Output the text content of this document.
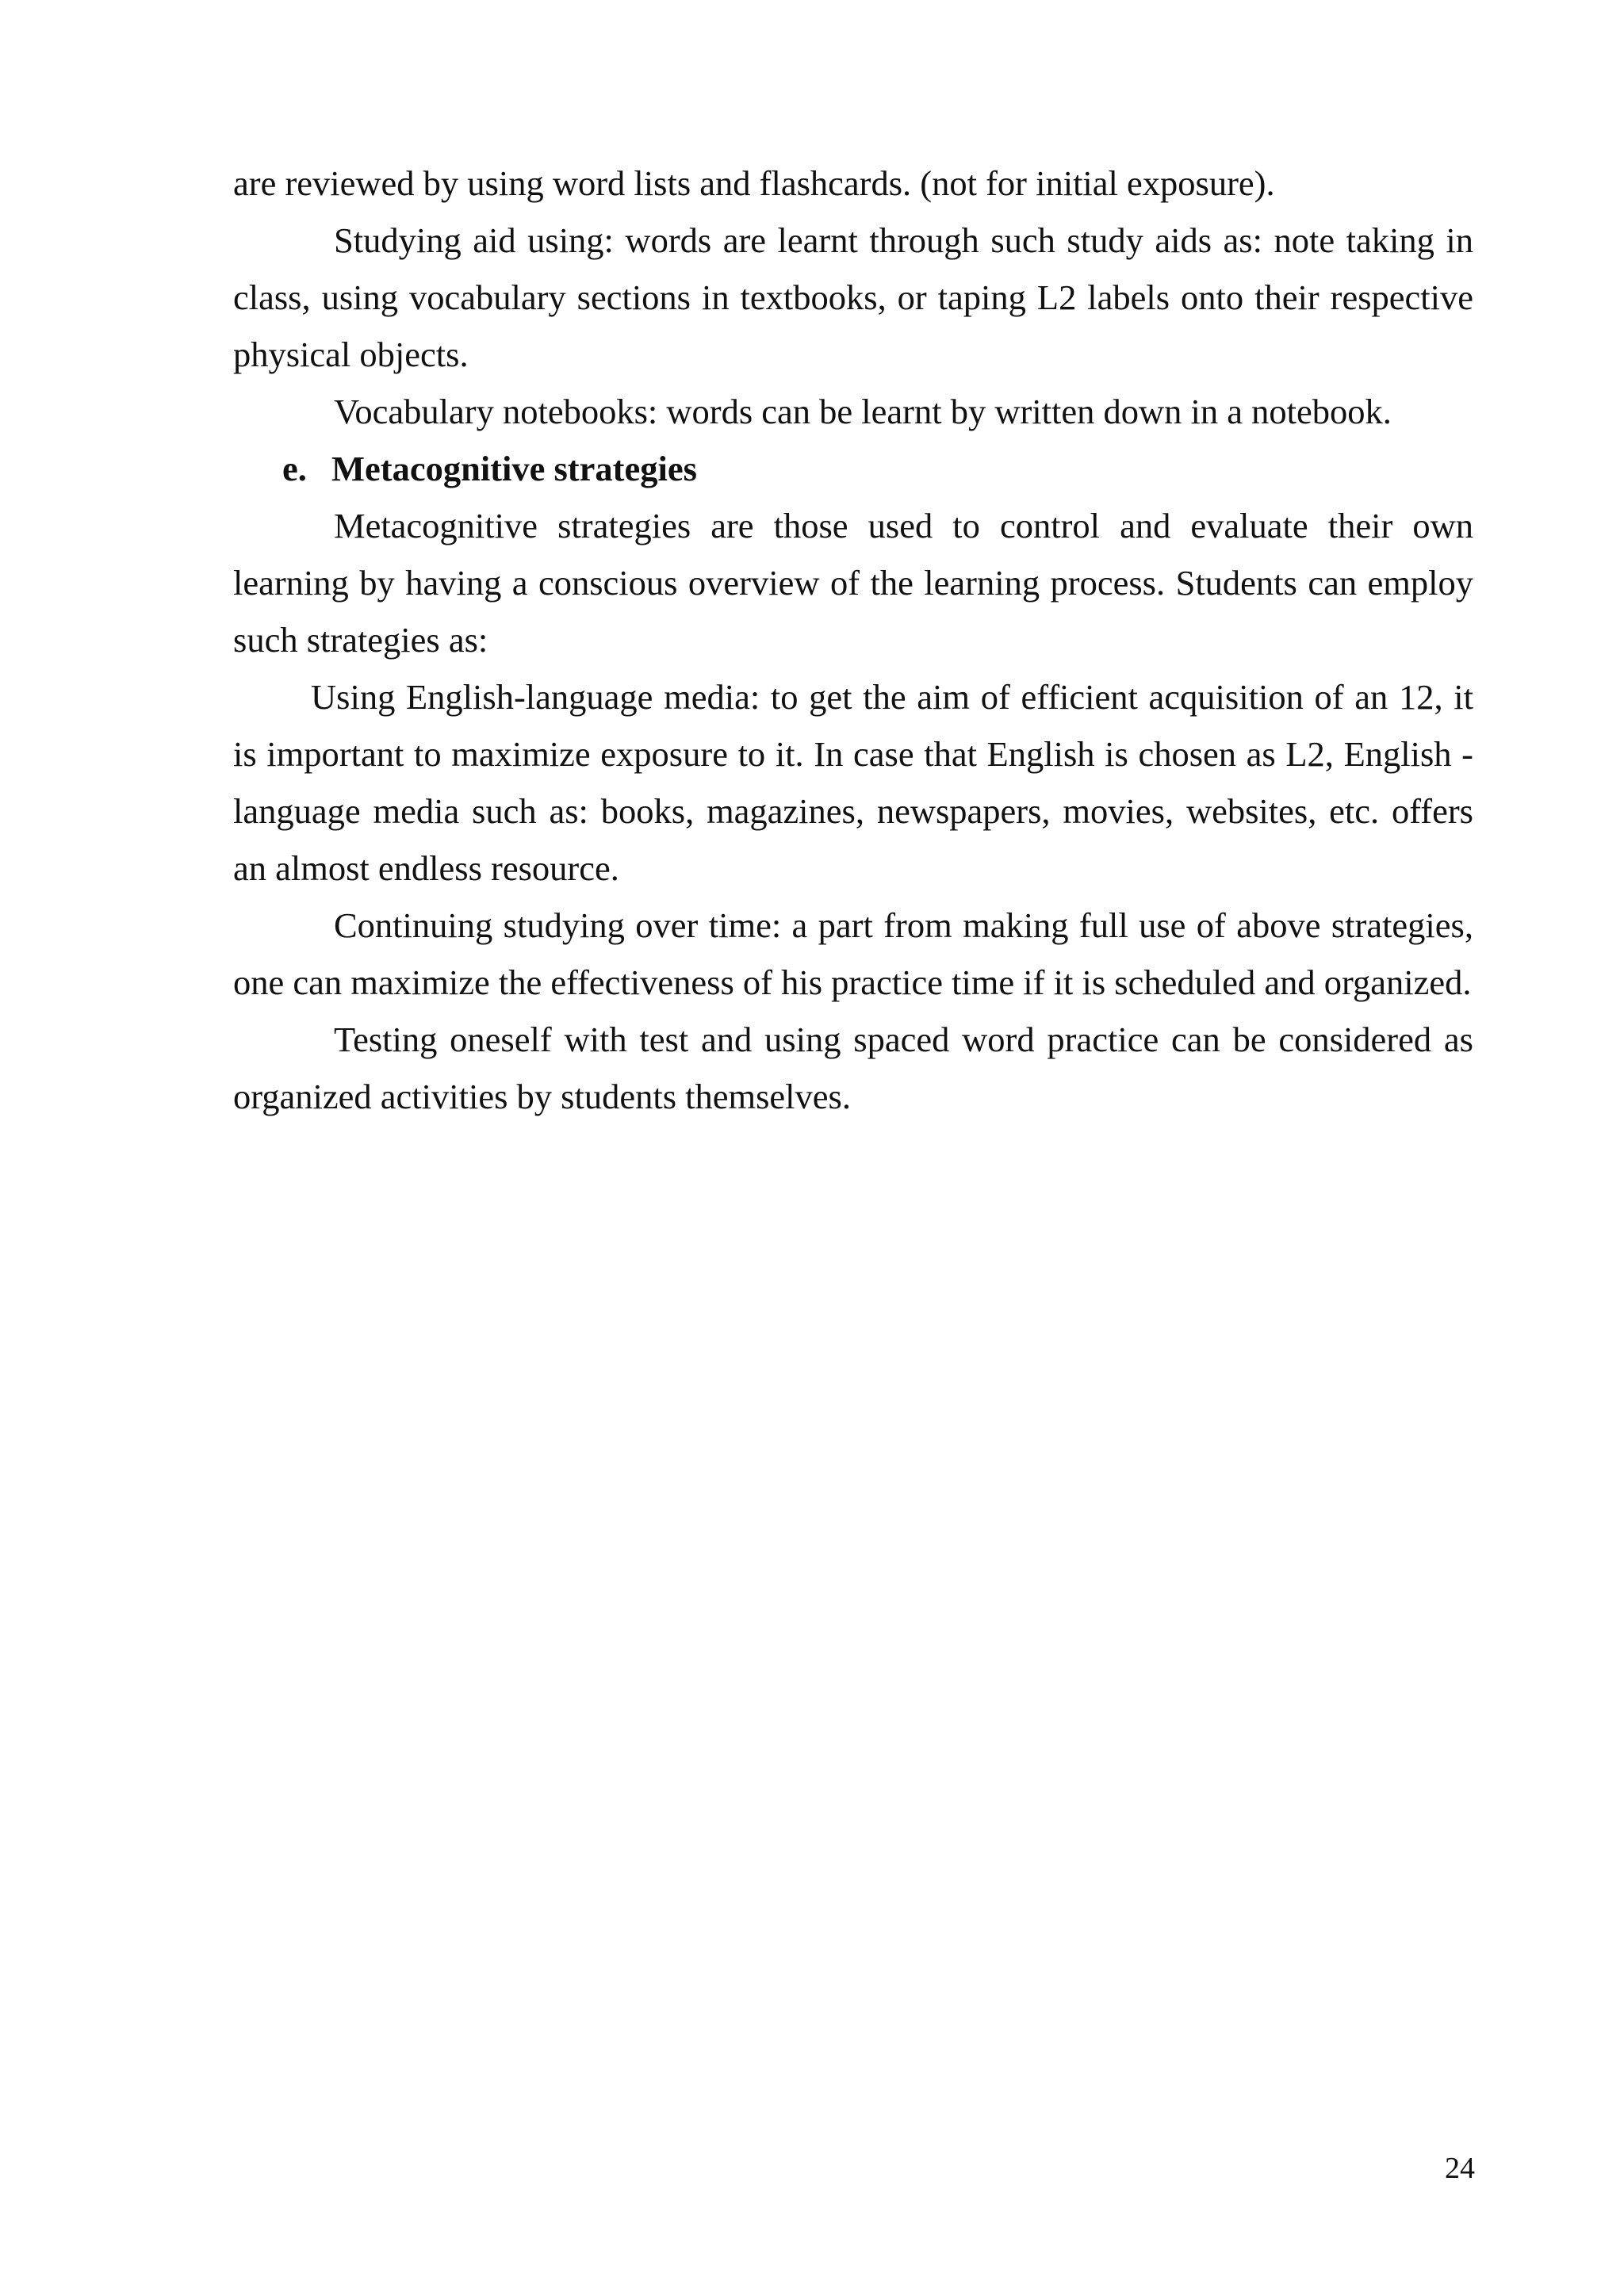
are reviewed by using word lists and flashcards. (not for initial exposure).

Studying aid using: words are learnt through such study aids as: note taking in class, using vocabulary sections in textbooks, or taping L2 labels onto their respective physical objects.

Vocabulary notebooks: words can be learnt by written down in a notebook.

e. Metacognitive strategies

Metacognitive strategies are those used to control and evaluate their own learning by having a conscious overview of the learning process. Students can employ such strategies as:

Using English-language media: to get the aim of efficient acquisition of an 12, it is important to maximize exposure to it. In case that English is chosen as L2, English - language media such as: books, magazines, newspapers, movies, websites, etc. offers an almost endless resource.

Continuing studying over time: a part from making full use of above strategies, one can maximize the effectiveness of his practice time if it is scheduled and organized.

Testing oneself with test and using spaced word practice can be considered as organized activities by students themselves.

24
